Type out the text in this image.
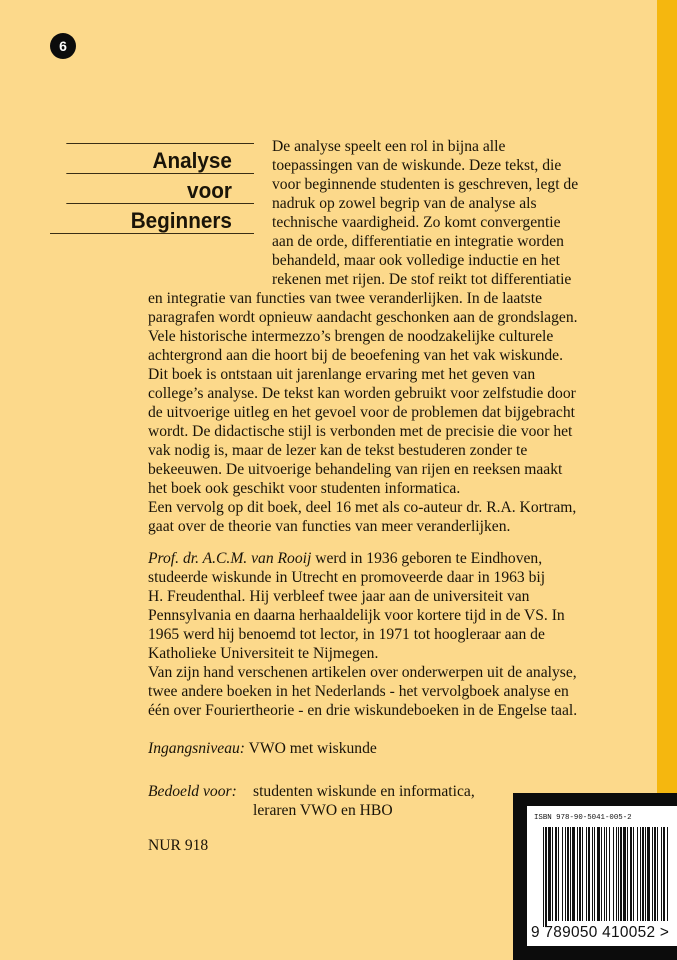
6
Analyse
voor
Beginners

De analyse speelt een rol in bijna alle

toepassingen van de wiskunde. Deze tekst, die

voor beginnende studenten is geschreven, legt de

nadruk op zowel begrip van de analyse als

technische vaardigheid. Zo komt convergentie

aan de orde, differentiatie en integratie worden

behandeld, maar ook volledige inductie en het

rekenen met rijen. De stof reikt tot differentiatie

en integratie van functies van twee veranderlijken. In de laatste

paragrafen wordt opnieuw aandacht geschonken aan de grondslagen.

Vele historische intermezzo’s brengen de noodzakelijke culturele

achtergrond aan die hoort bij de beoefening van het vak wiskunde.

Dit boek is ontstaan uit jarenlange ervaring met het geven van

college’s analyse. De tekst kan worden gebruikt voor zelfstudie door

de uitvoerige uitleg en het gevoel voor de problemen dat bijgebracht

wordt. De didactische stijl is verbonden met de precisie die voor het

vak nodig is, maar de lezer kan de tekst bestuderen zonder te

bekeeuwen. De uitvoerige behandeling van rijen en reeksen maakt

het boek ook geschikt voor studenten informatica.

Een vervolg op dit boek, deel 16 met als co-auteur dr. R.A. Kortram,

gaat over de theorie van functies van meer veranderlijken.

Prof. dr. A.C.M. van Rooij werd in 1936 geboren te Eindhoven,

studeerde wiskunde in Utrecht en promoveerde daar in 1963 bij

H. Freudenthal. Hij verbleef twee jaar aan de universiteit van

Pennsylvania en daarna herhaaldelijk voor kortere tijd in de VS. In

1965 werd hij benoemd tot lector, in 1971 tot hoogleraar aan de

Katholieke Universiteit te Nijmegen.

Van zijn hand verschenen artikelen over onderwerpen uit de analyse,

twee andere boeken in het Nederlands - het vervolgboek analyse en

één over Fouriertheorie - en drie wiskundeboeken in de Engelse taal.

Ingangsniveau: VWO met wiskunde
Bedoeld voor: studenten wiskunde en informatica,
leraren VWO en HBO
NUR 918
ISBN 978-90-5041-005-2
9 789050 410052 >
